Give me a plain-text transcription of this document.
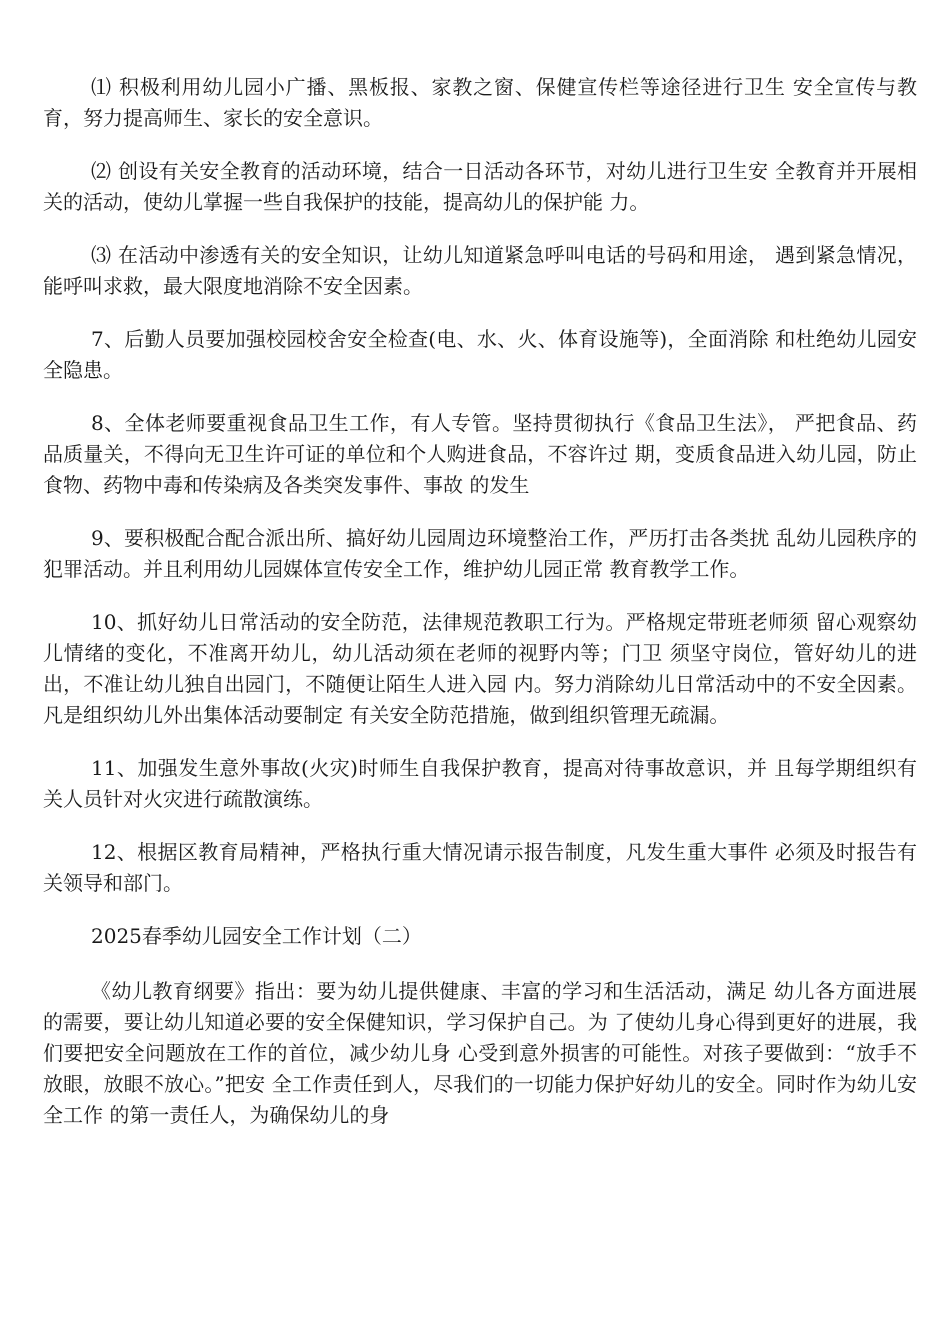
⑴ 积极利用幼儿园小广播、黑板报、家教之窗、保健宣传栏等途径进行卫生 安全宣传与教育，努力提高师生、家长的安全意识。

⑵ 创设有关安全教育的活动环境，结合一日活动各环节，对幼儿进行卫生安 全教育并开展相关的活动，使幼儿掌握一些自我保护的技能，提高幼儿的保护能 力。

⑶ 在活动中渗透有关的安全知识，让幼儿知道紧急呼叫电话的号码和用途， 遇到紧急情况，能呼叫求救，最大限度地消除不安全因素。

7、后勤人员要加强校园校舍安全检查(电、水、火、体育设施等)，全面消除 和杜绝幼儿园安全隐患。

8、全体老师要重视食品卫生工作，有人专管。坚持贯彻执行《食品卫生法》， 严把食品、药品质量关，不得向无卫生许可证的单位和个人购进食品，不容许过 期，变质食品进入幼儿园，防止食物、药物中毒和传染病及各类突发事件、事故 的发生

9、要积极配合配合派出所、搞好幼儿园周边环境整治工作，严历打击各类扰 乱幼儿园秩序的犯罪活动。并且利用幼儿园媒体宣传安全工作，维护幼儿园正常 教育教学工作。

10、抓好幼儿日常活动的安全防范，法律规范教职工行为。严格规定带班老师须 留心观察幼儿情绪的变化，不准离开幼儿，幼儿活动须在老师的视野内等；门卫 须坚守岗位，管好幼儿的进出，不准让幼儿独自出园门，不随便让陌生人进入园 内。努力消除幼儿日常活动中的不安全因素。凡是组织幼儿外出集体活动要制定 有关安全防范措施，做到组织管理无疏漏。

11、加强发生意外事故(火灾)时师生自我保护教育，提高对待事故意识，并 且每学期组织有关人员针对火灾进行疏散演练。

12、根据区教育局精神，严格执行重大情况请示报告制度，凡发生重大事件 必须及时报告有关领导和部门。

2025春季幼儿园安全工作计划（二）

《幼儿教育纲要》指出：要为幼儿提供健康、丰富的学习和生活活动，满足 幼儿各方面进展的需要，要让幼儿知道必要的安全保健知识，学习保护自己。为 了使幼儿身心得到更好的进展，我们要把安全问题放在工作的首位，减少幼儿身 心受到意外损害的可能性。对孩子要做到：“放手不放眼，放眼不放心。”把安 全工作责任到人，尽我们的一切能力保护好幼儿的安全。同时作为幼儿安全工作 的第一责任人，为确保幼儿的身
